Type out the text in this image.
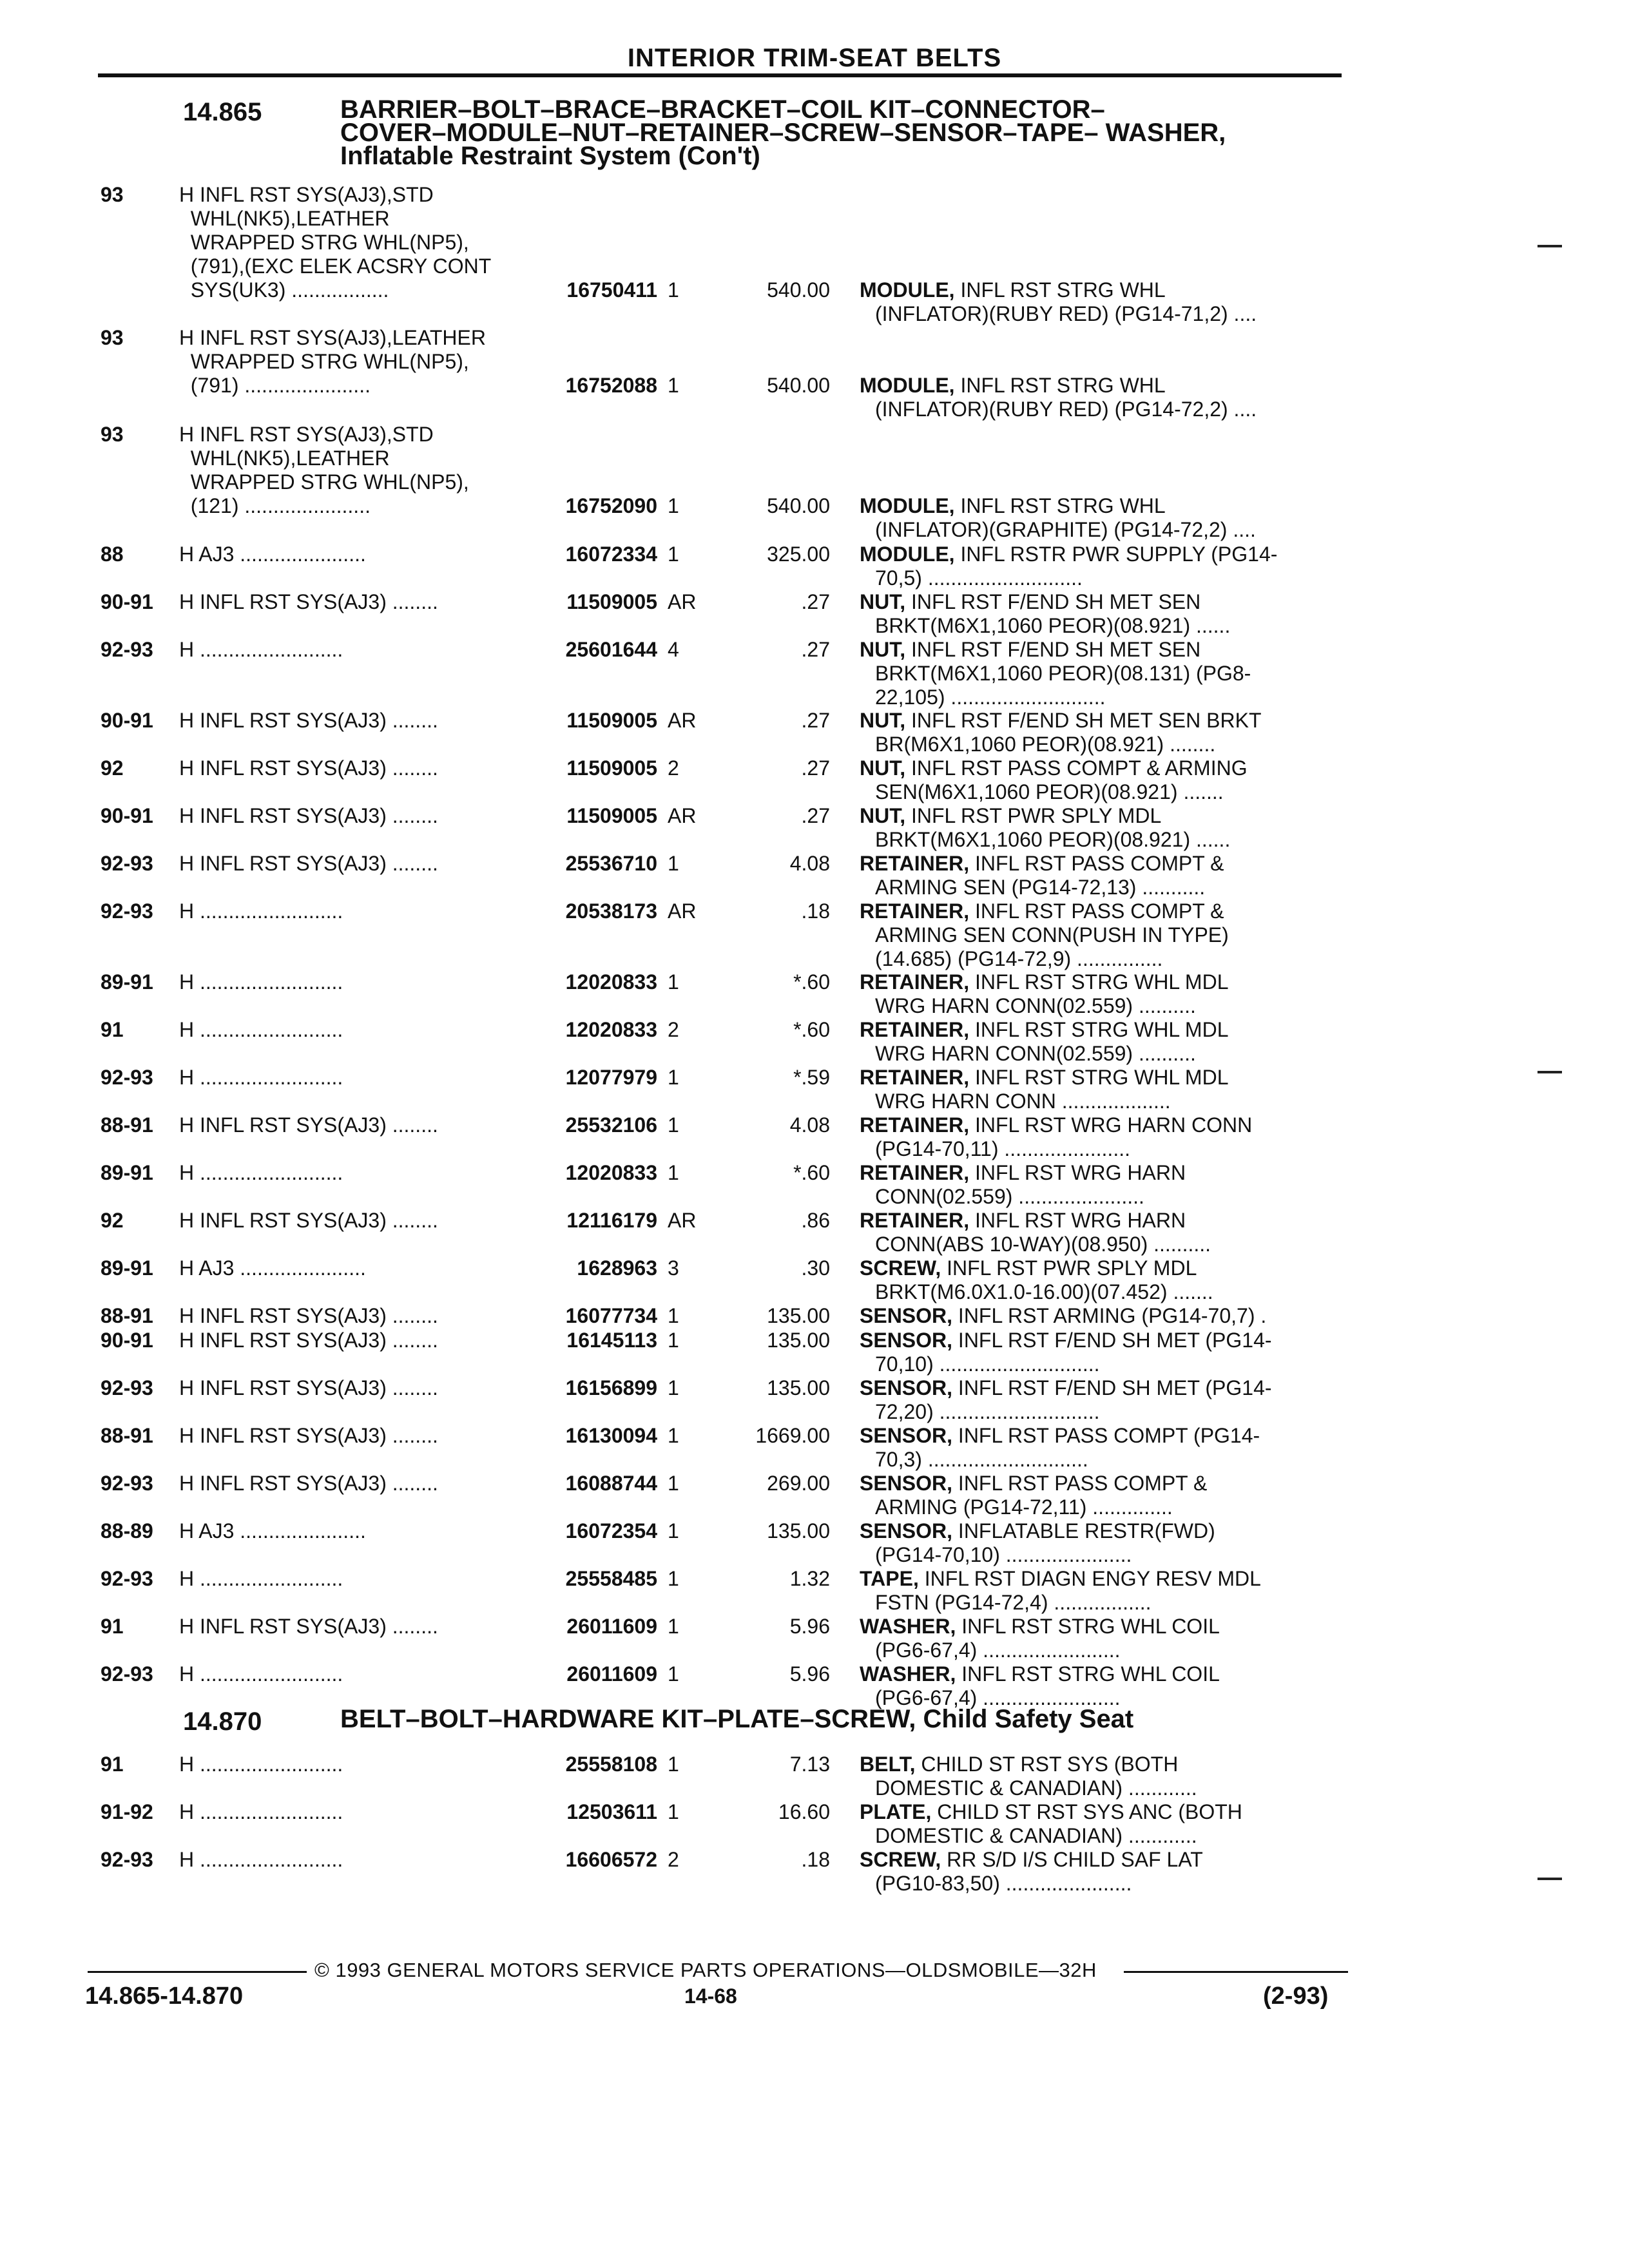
INTERIOR TRIM-SEAT BELTS
14.865	BARRIER–BOLT–BRACE–BRACKET–COIL KIT–CONNECTOR–
COVER–MODULE–NUT–RETAINER–SCREW–SENSOR–TAPE– WASHER,
Inflatable Restraint System (Con't)
14.870	BELT–BOLT–HARDWARE KIT–PLATE–SCREW, Child Safety Seat
93	H INFL RST SYS(AJ3),STD
WHL(NK5),LEATHER
WRAPPED STRG WHL(NP5),
(791),(EXC ELEK ACSRY CONT
SYS(UK3) .................	16750411 1	540.00 MODULE, INFL RST STRG WHL
(INFLATOR)(RUBY RED) (PG14-71,2) ....
93	H INFL RST SYS(AJ3),LEATHER
WRAPPED STRG WHL(NP5),
(791) ......................	16752088 1	540.00 MODULE, INFL RST STRG WHL
(INFLATOR)(RUBY RED) (PG14-72,2) ....
93	H INFL RST SYS(AJ3),STD
WHL(NK5),LEATHER
WRAPPED STRG WHL(NP5),
(121) ......................	16752090 1	540.00 MODULE, INFL RST STRG WHL
(INFLATOR)(GRAPHITE) (PG14-72,2) ....
88	H AJ3 ......................	16072334 1	325.00 MODULE, INFL RSTR PWR SUPPLY (PG14-
70,5) ...........................
90-91 H INFL RST SYS(AJ3) ........	11509005 AR	.27 NUT, INFL RST F/END SH MET SEN
BRKT(M6X1,1060 PEOR)(08.921) ......
92-93 H .........................	25601644 4	.27 NUT, INFL RST F/END SH MET SEN
BRKT(M6X1,1060 PEOR)(08.131) (PG8-
22,105) ...........................
90-91 H INFL RST SYS(AJ3) ........	11509005 AR	.27 NUT, INFL RST F/END SH MET SEN BRKT
BR(M6X1,1060 PEOR)(08.921) ........
92	H INFL RST SYS(AJ3) ........	11509005 2	.27 NUT, INFL RST PASS COMPT & ARMING
SEN(M6X1,1060 PEOR)(08.921) .......
90-91 H INFL RST SYS(AJ3) ........	11509005 AR	.27 NUT, INFL RST PWR SPLY MDL
BRKT(M6X1,1060 PEOR)(08.921) ......
92-93 H INFL RST SYS(AJ3) ........	25536710 1	4.08 RETAINER, INFL RST PASS COMPT &
ARMING SEN (PG14-72,13) ...........
92-93 H .........................	20538173 AR	.18 RETAINER, INFL RST PASS COMPT &
ARMING SEN CONN(PUSH IN TYPE)
(14.685) (PG14-72,9) ...............
89-91 H .........................	12020833 1	*.60 RETAINER, INFL RST STRG WHL MDL
WRG HARN CONN(02.559) ..........
91	H .........................	12020833 2	*.60 RETAINER, INFL RST STRG WHL MDL
WRG HARN CONN(02.559) ..........
92-93 H .........................	12077979 1	*.59 RETAINER, INFL RST STRG WHL MDL
WRG HARN CONN ...................
88-91 H INFL RST SYS(AJ3) ........	25532106 1	4.08 RETAINER, INFL RST WRG HARN CONN
(PG14-70,11) ......................
89-91 H .........................	12020833 1	*.60 RETAINER, INFL RST WRG HARN
CONN(02.559) ......................
92	H INFL RST SYS(AJ3) ........	12116179 AR	.86 RETAINER, INFL RST WRG HARN
CONN(ABS 10-WAY)(08.950) ..........
89-91 H AJ3 ......................	1628963 3	.30 SCREW, INFL RST PWR SPLY MDL
BRKT(M6.0X1.0-16.00)(07.452) .......
88-91 H INFL RST SYS(AJ3) ........	16077734 1	135.00 SENSOR, INFL RST ARMING (PG14-70,7) .
90-91 H INFL RST SYS(AJ3) ........	16145113 1	135.00 SENSOR, INFL RST F/END SH MET (PG14-
70,10) ............................
92-93 H INFL RST SYS(AJ3) ........	16156899 1	135.00 SENSOR, INFL RST F/END SH MET (PG14-
72,20) ............................
88-91 H INFL RST SYS(AJ3) ........	16130094 1	1669.00 SENSOR, INFL RST PASS COMPT (PG14-
70,3) ............................
92-93 H INFL RST SYS(AJ3) ........	16088744 1	269.00 SENSOR, INFL RST PASS COMPT &
ARMING (PG14-72,11) ..............
88-89 H AJ3 ......................	16072354 1	135.00 SENSOR, INFLATABLE RESTR(FWD)
(PG14-70,10) ......................
92-93 H .........................	25558485 1	1.32 TAPE, INFL RST DIAGN ENGY RESV MDL
FSTN (PG14-72,4) .................
91	H INFL RST SYS(AJ3) ........	26011609 1	5.96 WASHER, INFL RST STRG WHL COIL
(PG6-67,4) ........................
92-93 H .........................	26011609 1	5.96 WASHER, INFL RST STRG WHL COIL
(PG6-67,4) ........................
91	H .........................	25558108 1	7.13 BELT, CHILD ST RST SYS (BOTH
DOMESTIC & CANADIAN) ............
91-92 H .........................	12503611 1	16.60 PLATE, CHILD ST RST SYS ANC (BOTH
DOMESTIC & CANADIAN) ............
92-93 H .........................	16606572 2	.18 SCREW, RR S/D I/S CHILD SAF LAT
(PG10-83,50) ......................
© 1993 GENERAL MOTORS SERVICE PARTS OPERATIONS—OLDSMOBILE—32H
14.865-14.870	14-68	(2-93)
